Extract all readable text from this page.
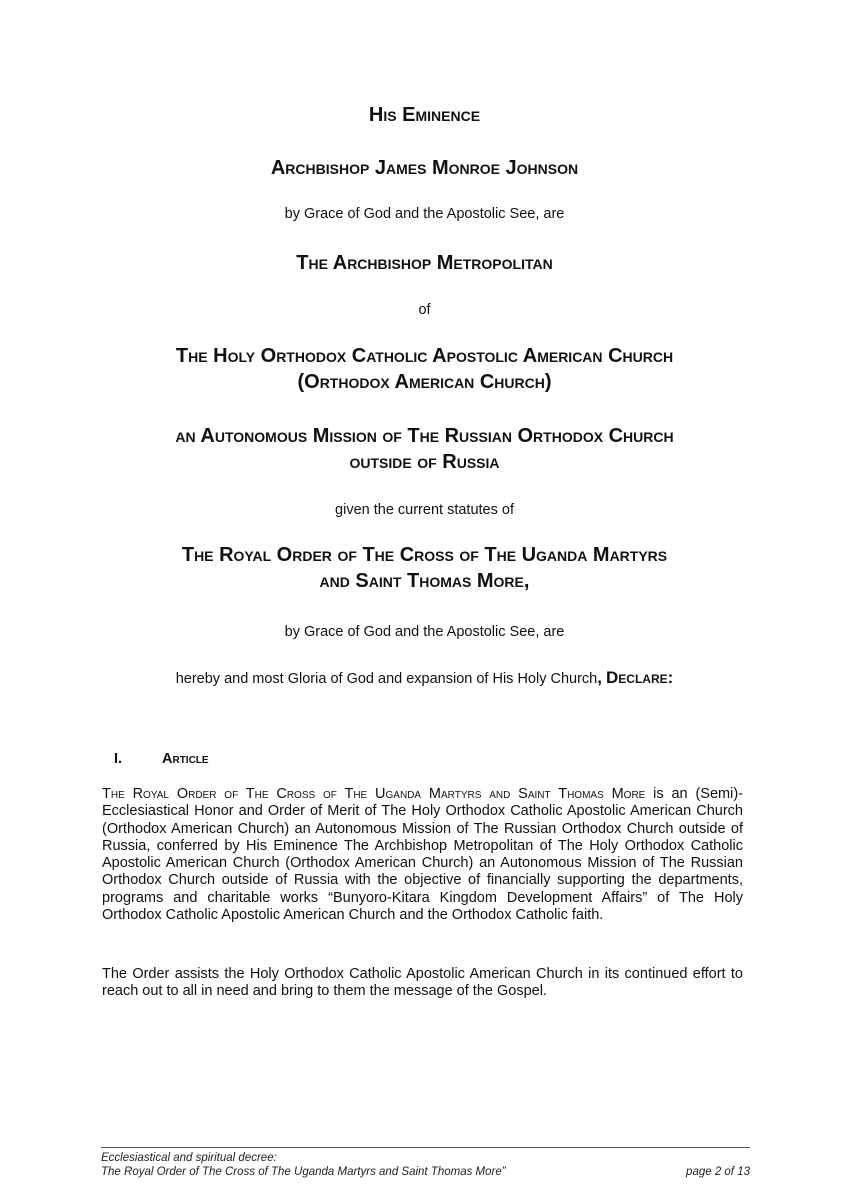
His Eminence
Archbishop James Monroe Johnson
by Grace of God and the Apostolic See, are
The Archbishop Metropolitan
of
The Holy Orthodox Catholic Apostolic American Church
(Orthodox American Church)
an Autonomous Mission of The Russian Orthodox Church
outside of Russia
given the current statutes of
The Royal Order of The Cross of The Uganda Martyrs
and Saint Thomas More,
by Grace of God and the Apostolic See, are
hereby and most Gloria of God and expansion of His Holy Church, Declare:
I.	Article

The Royal Order of The Cross of The Uganda Martyrs and Saint Thomas More is an (Semi)-Ecclesiastical Honor and Order of Merit of The Holy Orthodox Catholic Apostolic American Church (Orthodox American Church) an Autonomous Mission of The Russian Orthodox Church outside of Russia, conferred by His Eminence The Archbishop Metropolitan of The Holy Orthodox Catholic Apostolic American Church (Orthodox American Church) an Autonomous Mission of The Russian Orthodox Church outside of Russia with the objective of financially supporting the departments, programs and charitable works “Bunyoro-Kitara Kingdom Development Affairs” of The Holy Orthodox Catholic Apostolic American Church and the Orthodox Catholic faith.

The Order assists the Holy Orthodox Catholic Apostolic American Church in its continued effort to reach out to all in need and bring to them the message of the Gospel.

Ecclesiastical and spiritual decree:
The Royal Order of The Cross of The Uganda Martyrs and Saint Thomas More”	page 2 of 13
